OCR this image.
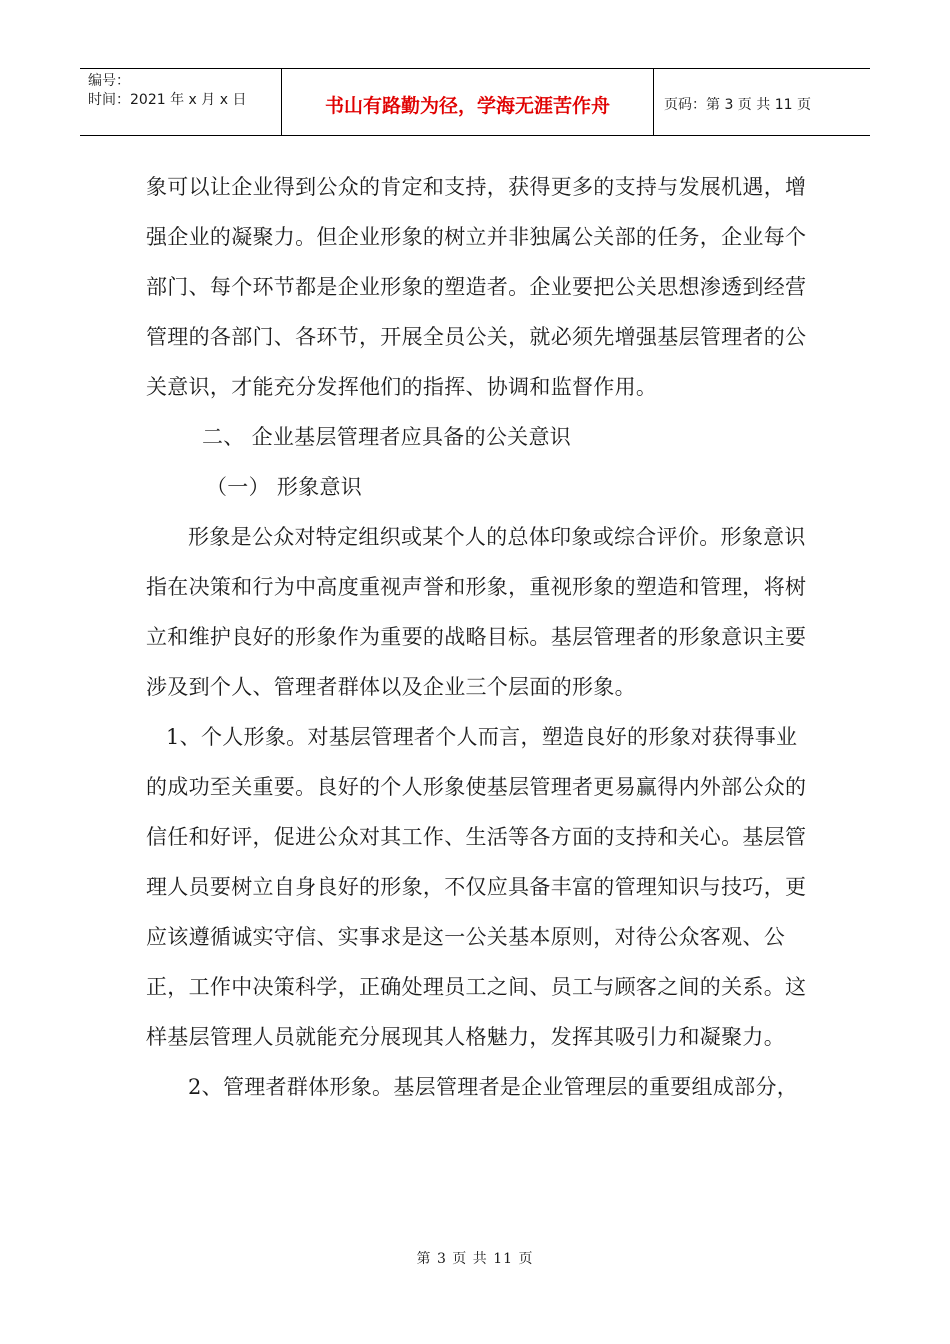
编号：
时间：2021 年 x 月 x 日	书山有路勤为径，学海无涯苦作舟	页码：第 3 页 共 11 页

象可以让企业得到公众的肯定和支持，获得更多的支持与发展机遇，增强企业的凝聚力。但企业形象的树立并非独属公关部的任务，企业每个部门、每个环节都是企业形象的塑造者。企业要把公关思想渗透到经营管理的各部门、各环节，开展全员公关，就必须先增强基层管理者的公关意识，才能充分发挥他们的指挥、协调和监督作用。

二、 企业基层管理者应具备的公关意识

（一） 形象意识

形象是公众对特定组织或某个人的总体印象或综合评价。形象意识指在决策和行为中高度重视声誉和形象，重视形象的塑造和管理，将树立和维护良好的形象作为重要的战略目标。基层管理者的形象意识主要涉及到个人、管理者群体以及企业三个层面的形象。

1、个人形象。对基层管理者个人而言，塑造良好的形象对获得事业的成功至关重要。良好的个人形象使基层管理者更易赢得内外部公众的信任和好评，促进公众对其工作、生活等各方面的支持和关心。基层管理人员要树立自身良好的形象，不仅应具备丰富的管理知识与技巧，更应该遵循诚实守信、实事求是这一公关基本原则，对待公众客观、公正，工作中决策科学，正确处理员工之间、员工与顾客之间的关系。这样基层管理人员就能充分展现其人格魅力，发挥其吸引力和凝聚力。

2、管理者群体形象。基层管理者是企业管理层的重要组成部分，

第 3 页 共 11 页
